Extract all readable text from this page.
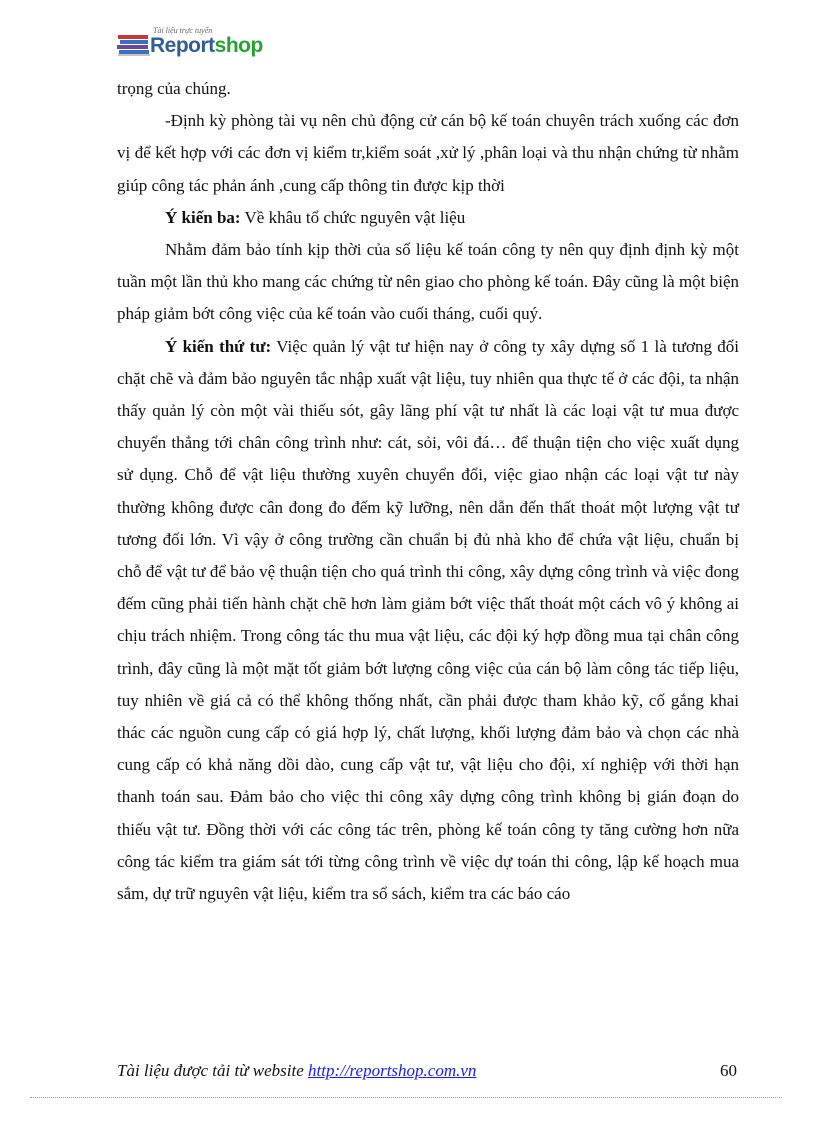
Tài liệu trực tuyến
Reportshop

trọng của chúng.

-Định kỳ phòng tài vụ nên chủ động cử cán bộ kế toán chuyên trách xuống các đơn vị để kết hợp với các đơn vị kiểm tr,kiểm soát ,xử lý ,phân loại và thu nhận chứng từ nhằm giúp công tác phản ánh ,cung cấp thông tin được kịp thời

Ý kiến ba: Về khâu tổ chức nguyên vật liệu

Nhằm đảm bảo tính kịp thời của số liệu kế toán công ty nên quy định định kỳ một tuần một lần thủ kho mang các chứng từ nên giao cho phòng kế toán. Đây cũng là một biện pháp giảm bớt công việc của kế toán vào cuối tháng, cuối quý.

Ý kiến thứ tư: Việc quản lý vật tư hiện nay ở công ty xây dựng số 1 là tương đối chặt chẽ và đảm bảo nguyên tắc nhập xuất vật liệu, tuy nhiên qua thực tế ở các đội, ta nhận thấy quản lý còn một vài thiếu sót, gây lãng phí vật tư nhất là các loại vật tư mua được chuyển thẳng tới chân công trình như: cát, sỏi, vôi đá… để thuận tiện cho việc xuất dụng sử dụng. Chỗ để vật liệu thường xuyên chuyển đổi, việc giao nhận các loại vật tư này thường không được cân đong đo đếm kỹ lưỡng, nên dẫn đến thất thoát một lượng vật tư tương đối lớn. Vì vậy ở công trường cần chuẩn bị đủ nhà kho để chứa vật liệu, chuẩn bị chỗ để vật tư để bảo vệ thuận tiện cho quá trình thi công, xây dựng công trình và việc đong đếm cũng phải tiến hành chặt chẽ hơn làm giảm bớt việc thất thoát một cách vô ý không ai chịu trách nhiệm. Trong công tác thu mua vật liệu, các đội ký hợp đồng mua tại chân công trình, đây cũng là một mặt tốt giảm bớt lượng công việc của cán bộ làm công tác tiếp liệu, tuy nhiên về giá cả có thể không thống nhất, cần phải được tham khảo kỹ, cố gắng khai thác các nguồn cung cấp có giá hợp lý, chất lượng, khối lượng đảm bảo và chọn các nhà cung cấp có khả năng dồi dào, cung cấp vật tư, vật liệu cho đội, xí nghiệp với thời hạn thanh toán sau. Đảm bảo cho việc thi công xây dựng công trình không bị gián đoạn do thiếu vật tư. Đồng thời với các công tác trên, phòng kế toán công ty tăng cường hơn nữa công tác kiểm tra giám sát tới từng công trình về việc dự toán thi công, lập kế hoạch mua sắm, dự trữ nguyên vật liệu, kiểm tra sổ sách, kiểm tra các báo cáo

Tài liệu được tải từ website http://reportshop.com.vn	60
